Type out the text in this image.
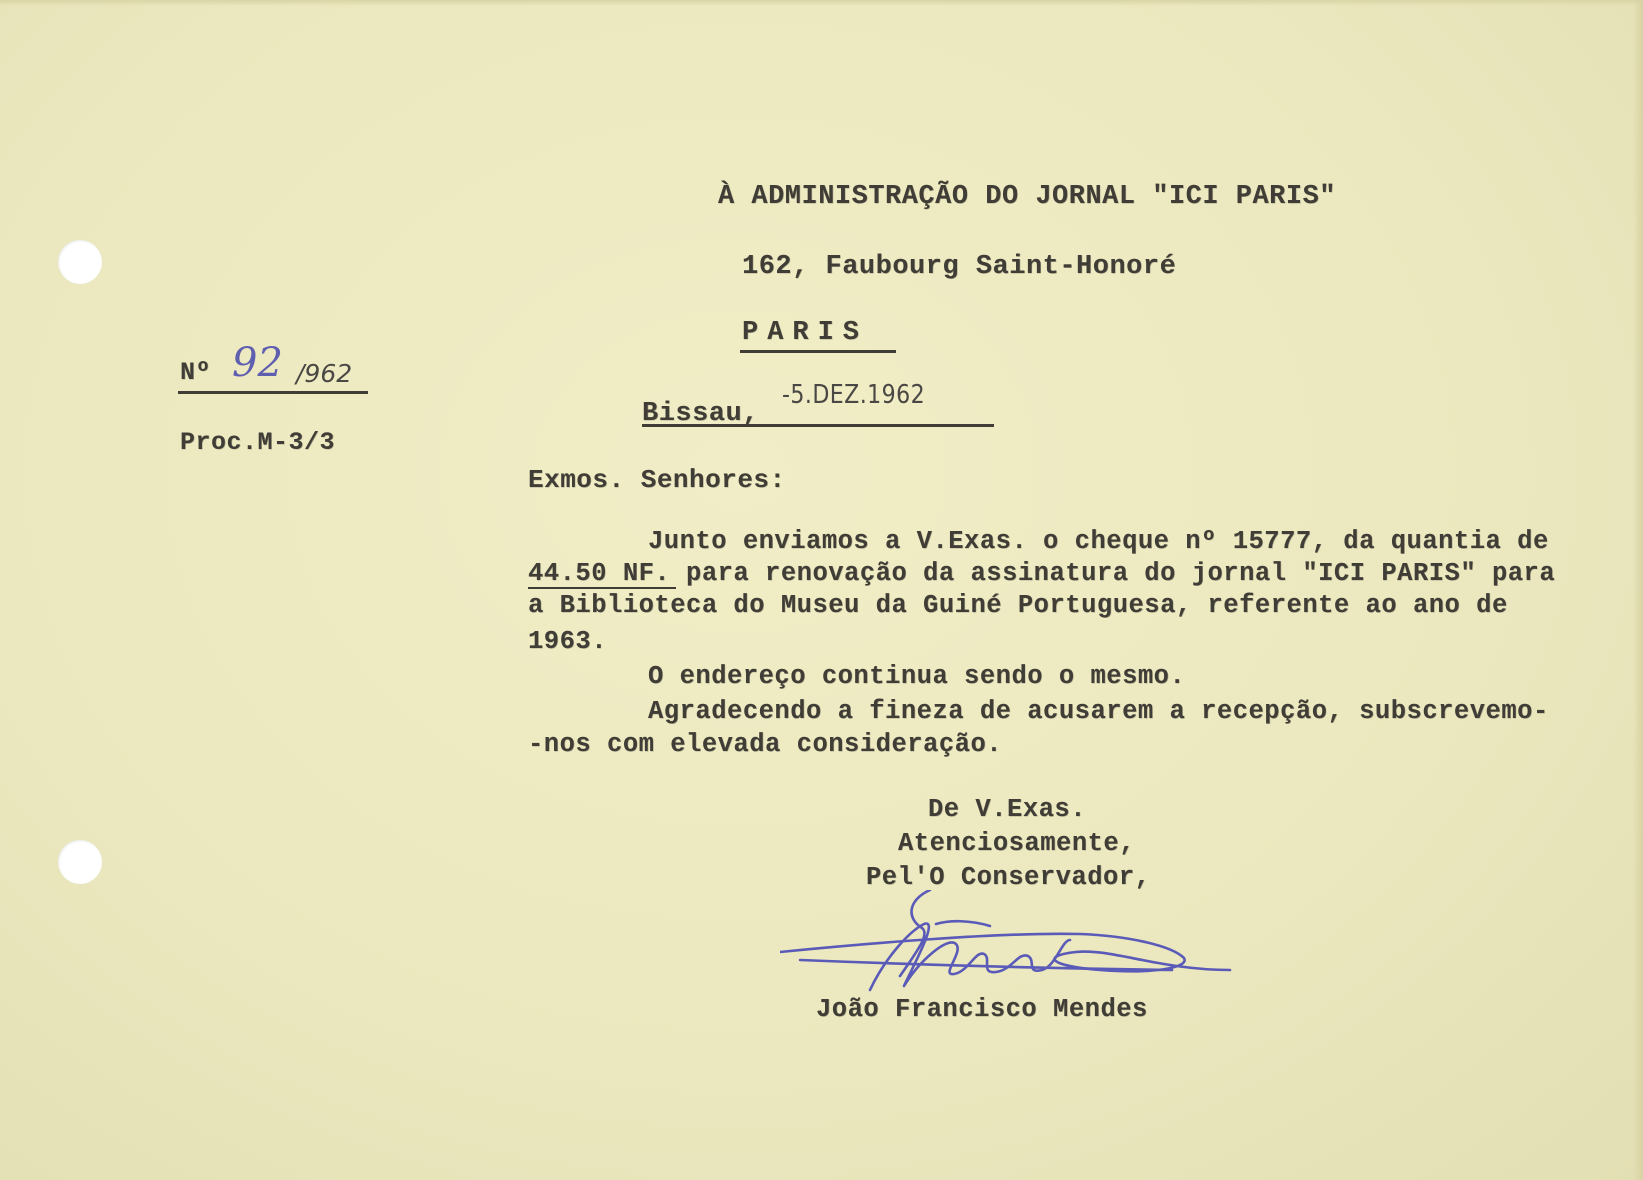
À ADMINISTRAÇÃO DO JORNAL "ICI PARIS"
162, Faubourg Saint-Honoré
PARIS
Nº 92 /962
Proc.M-3/3
Bissau,
-5.DEZ.1962
Exmos. Senhores:
Junto enviamos a V.Exas. o cheque nº 15777, da quantia de
44.50 NF. para renovação da assinatura do jornal "ICI PARIS" para
a Biblioteca do Museu da Guiné Portuguesa, referente ao ano de
1963.
O endereço continua sendo o mesmo.
Agradecendo a fineza de acusarem a recepção, subscrevemo-
-nos com elevada consideração.
De V.Exas.
Atenciosamente,
Pel'O Conservador,
João Francisco Mendes
